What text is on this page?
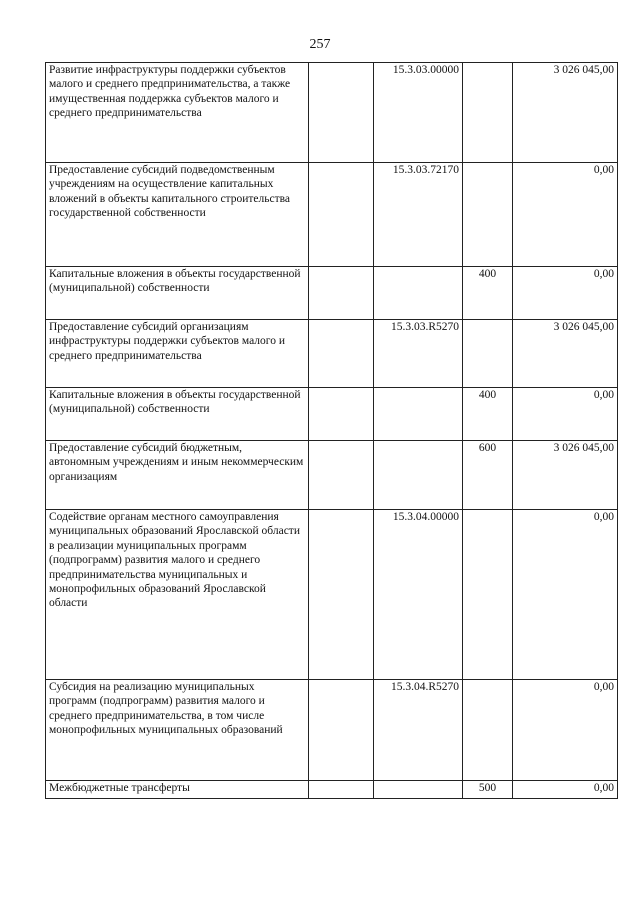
257
Развитие инфраструктуры поддержки субъектов малого и среднего предпринимательства, а также имущественная поддержка субъектов малого и среднего предпринимательства		15.3.03.00000		3 026 045,00
Предоставление субсидий подведомственным учреждениям на осуществление капитальных вложений в объекты капитального строительства государственной собственности		15.3.03.72170		0,00
Капитальные вложения в объекты государственной (муниципальной) собственности			400	0,00
Предоставление субсидий организациям инфраструктуры поддержки субъектов малого и среднего предпринимательства		15.3.03.R5270		3 026 045,00
Капитальные вложения в объекты государственной (муниципальной) собственности			400	0,00
Предоставление субсидий бюджетным, автономным учреждениям и иным некоммерческим организациям			600	3 026 045,00
Содействие органам местного самоуправления муниципальных образований Ярославской области в реализации муниципальных программ (подпрограмм) развития малого и среднего предпринимательства муниципальных и монопрофильных образований Ярославской области		15.3.04.00000		0,00
Субсидия на реализацию муниципальных программ (подпрограмм) развития малого и среднего предпринимательства, в том числе монопрофильных муниципальных образований		15.3.04.R5270		0,00
Межбюджетные трансферты			500	0,00
